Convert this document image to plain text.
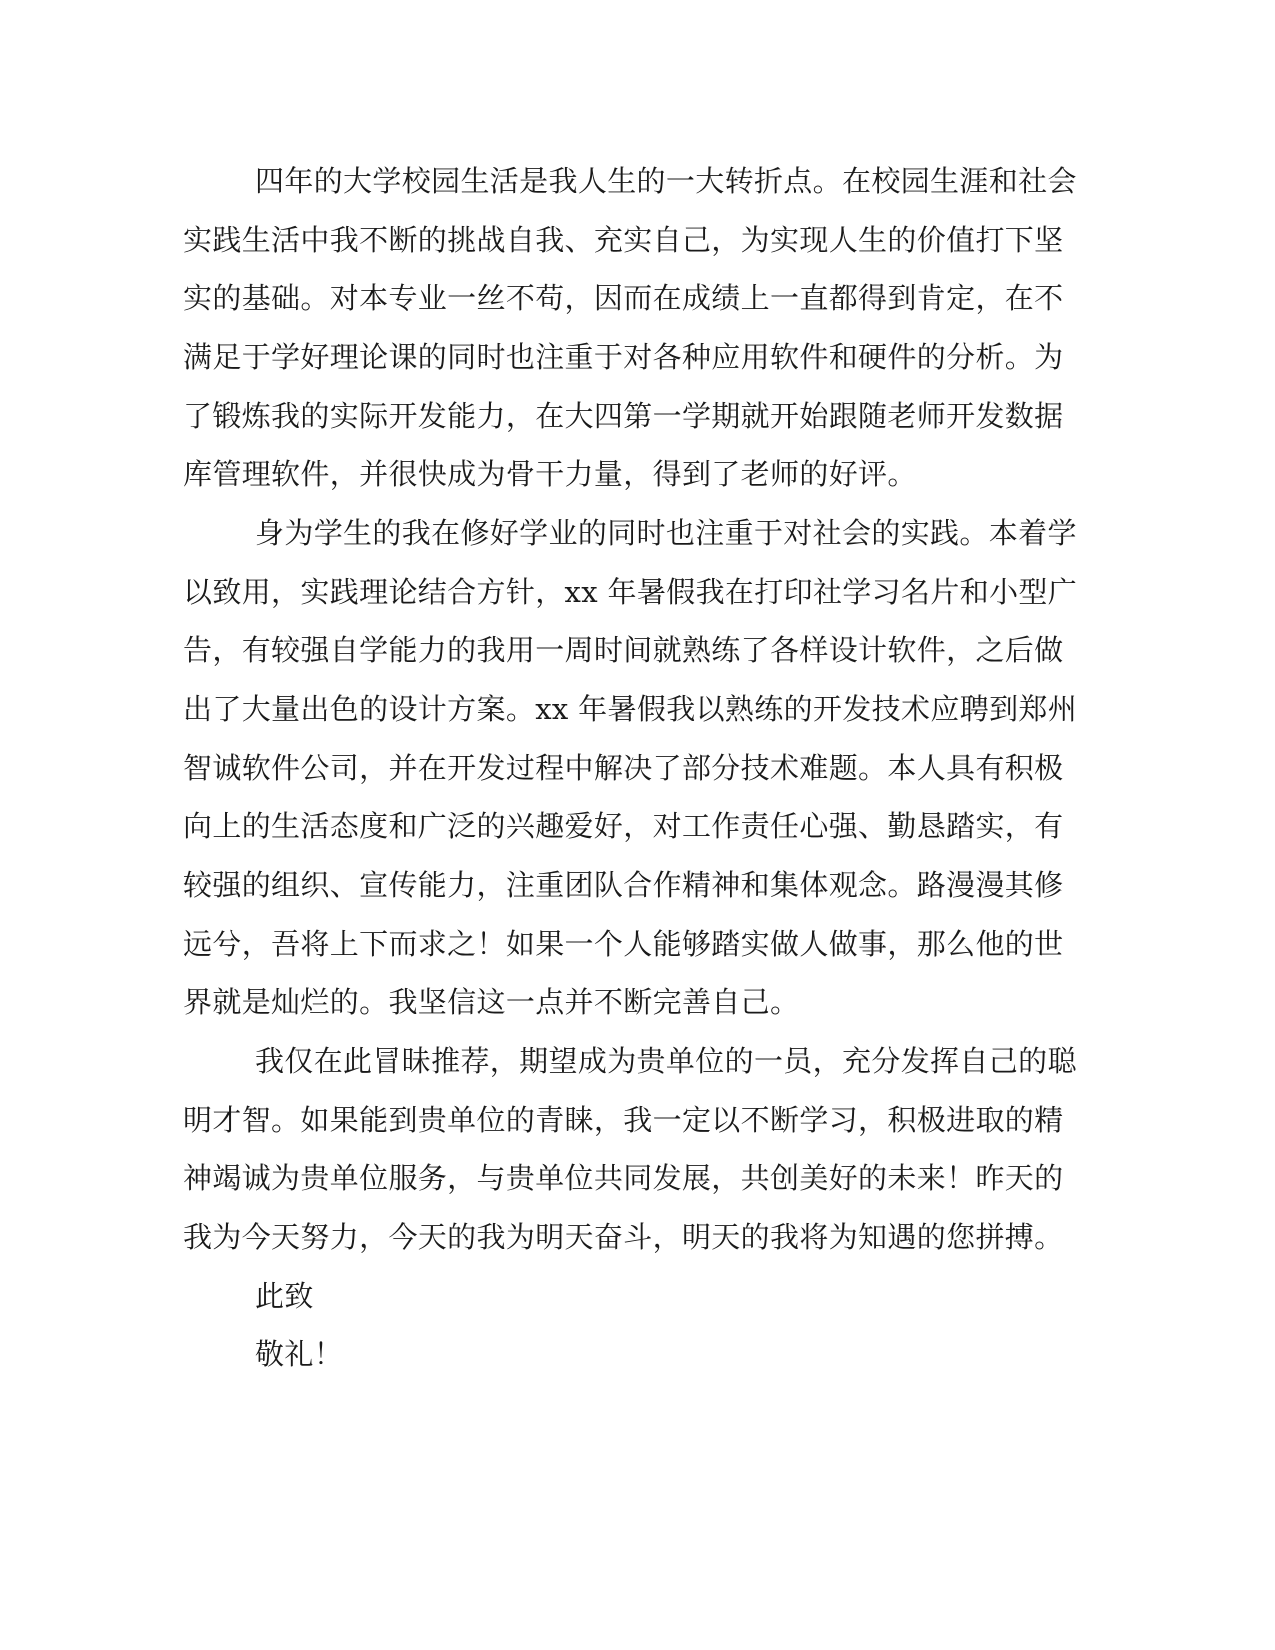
四年的大学校园生活是我人生的一大转折点。在校园生涯和社会
实践生活中我不断的挑战自我、充实自己，为实现人生的价值打下坚
实的基础。对本专业一丝不苟，因而在成绩上一直都得到肯定，在不
满足于学好理论课的同时也注重于对各种应用软件和硬件的分析。为
了锻炼我的实际开发能力，在大四第一学期就开始跟随老师开发数据
库管理软件，并很快成为骨干力量，得到了老师的好评。
身为学生的我在修好学业的同时也注重于对社会的实践。本着学
以致用，实践理论结合方针，xx 年暑假我在打印社学习名片和小型广
告，有较强自学能力的我用一周时间就熟练了各样设计软件，之后做
出了大量出色的设计方案。xx 年暑假我以熟练的开发技术应聘到郑州
智诚软件公司，并在开发过程中解决了部分技术难题。本人具有积极
向上的生活态度和广泛的兴趣爱好，对工作责任心强、勤恳踏实，有
较强的组织、宣传能力，注重团队合作精神和集体观念。路漫漫其修
远兮，吾将上下而求之！如果一个人能够踏实做人做事，那么他的世
界就是灿烂的。我坚信这一点并不断完善自己。
我仅在此冒昧推荐，期望成为贵单位的一员，充分发挥自己的聪
明才智。如果能到贵单位的青睐，我一定以不断学习，积极进取的精
神竭诚为贵单位服务，与贵单位共同发展，共创美好的未来！昨天的
我为今天努力，今天的我为明天奋斗，明天的我将为知遇的您拼搏。
此致
敬礼！
